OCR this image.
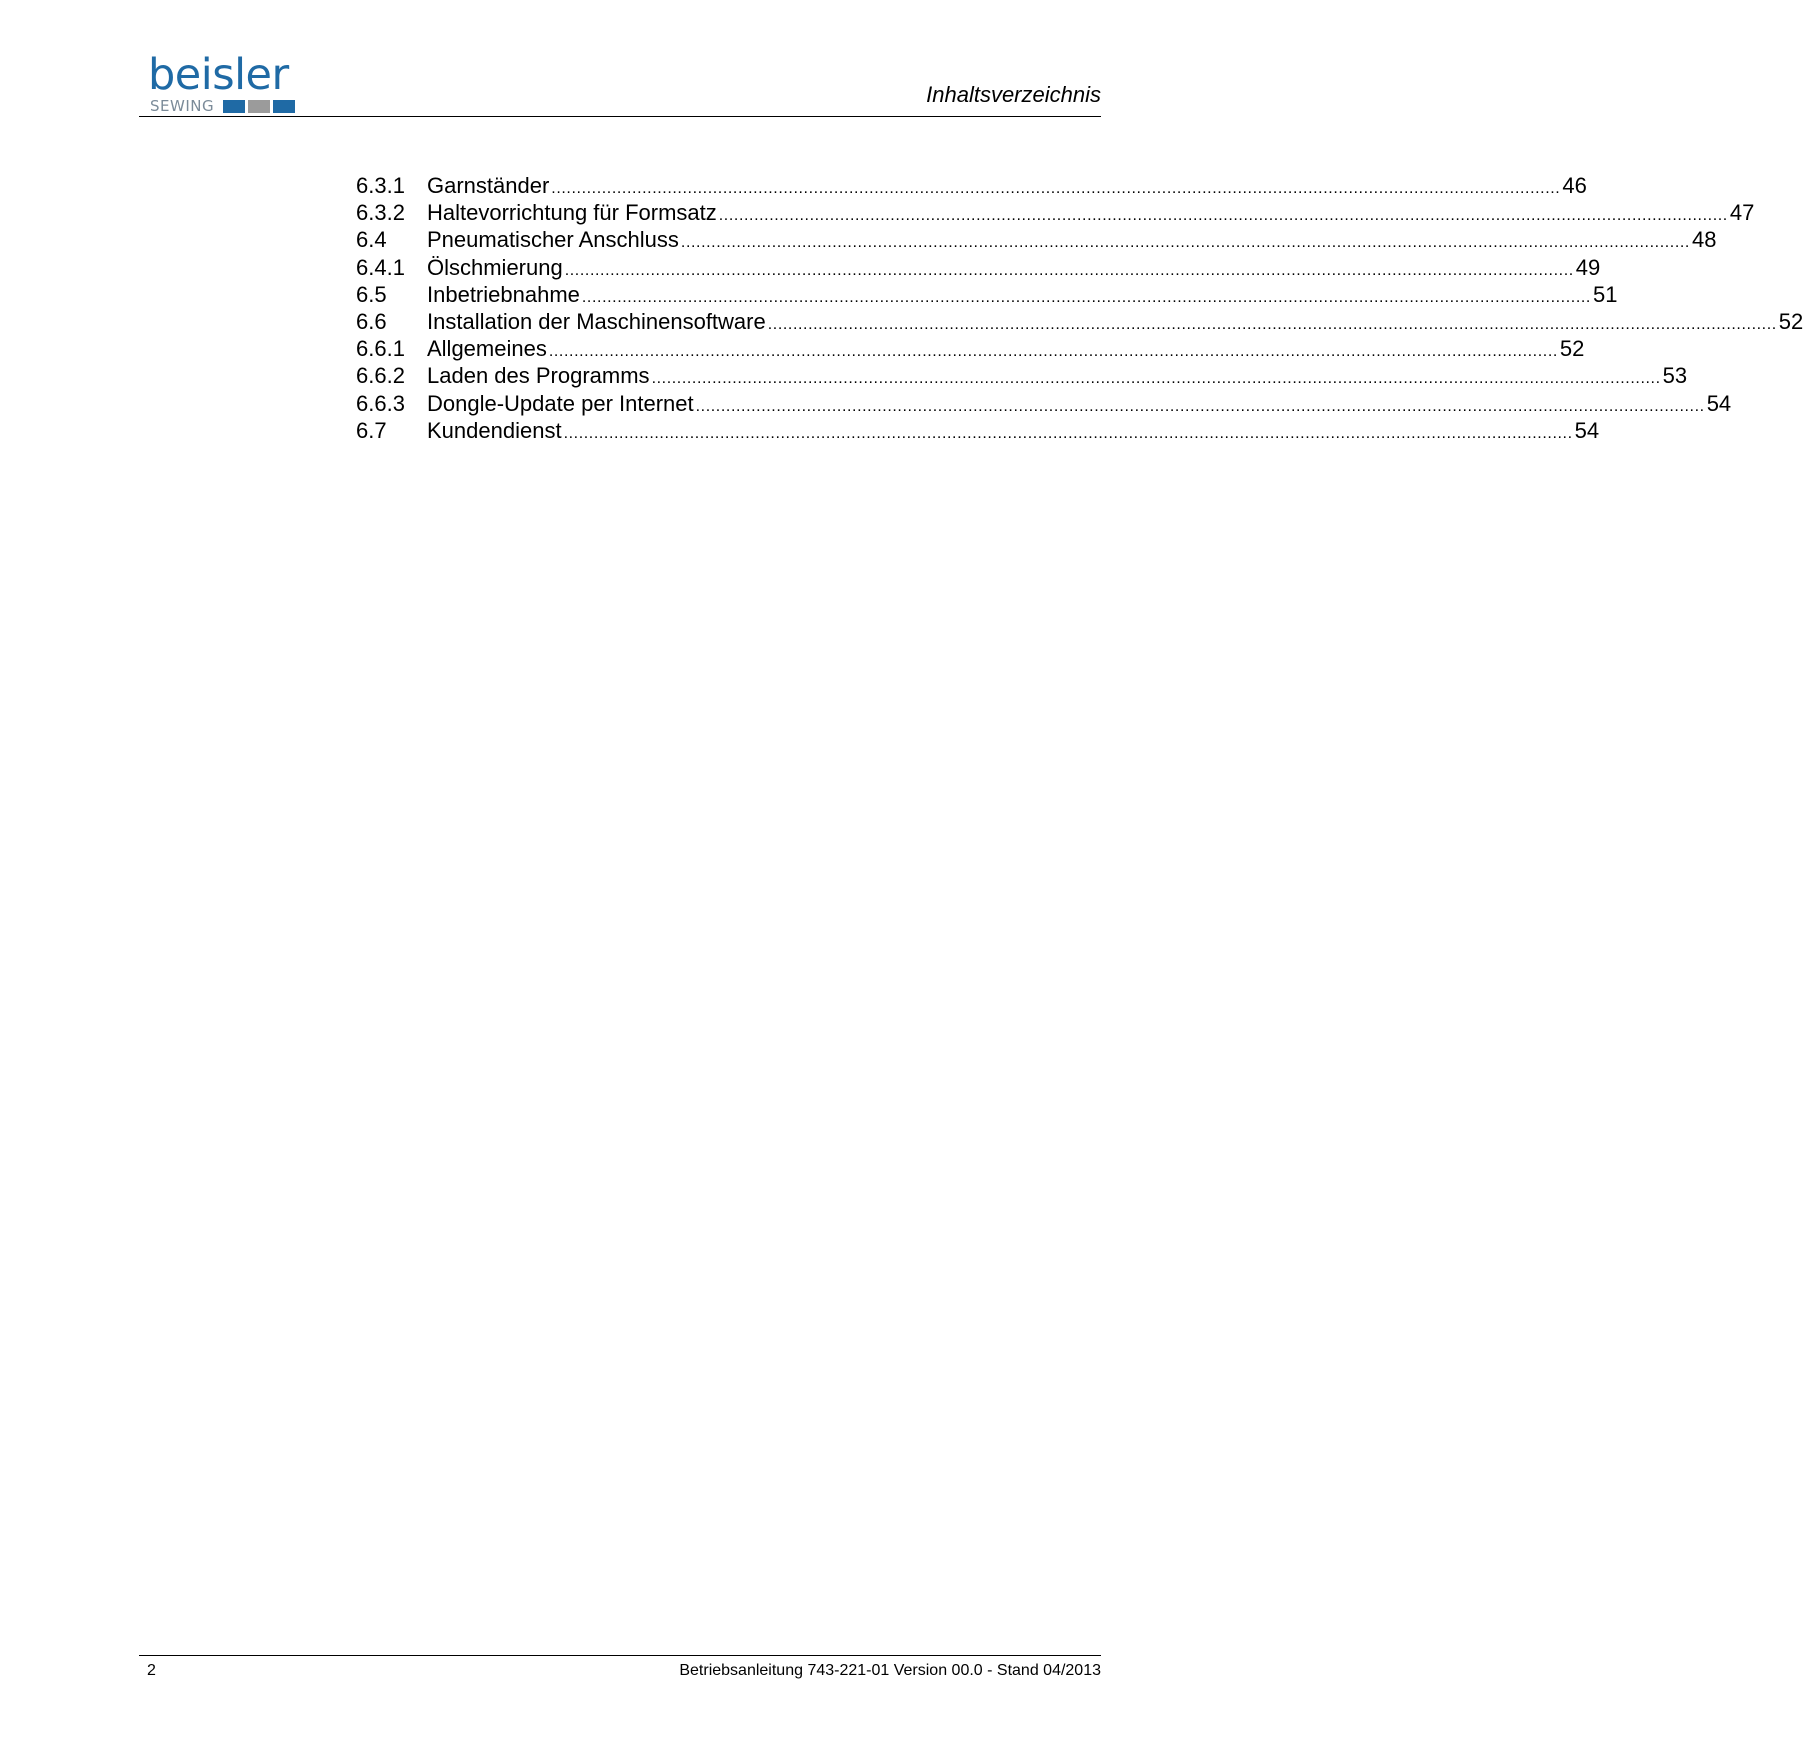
beisler
SEWING	Inhaltsverzeichnis
6.3.1	Garnständer ........................................................................................................................................................................................................ 46
6.3.2	Haltevorrichtung für Formsatz ........................................................................................................................................................................................................ 47
6.4	Pneumatischer Anschluss ........................................................................................................................................................................................................ 48
6.4.1	Ölschmierung ........................................................................................................................................................................................................ 49
6.5	Inbetriebnahme ........................................................................................................................................................................................................ 51
6.6	Installation der Maschinensoftware ........................................................................................................................................................................................................ 52
6.6.1	Allgemeines ........................................................................................................................................................................................................ 52
6.6.2	Laden des Programms ........................................................................................................................................................................................................ 53
6.6.3	Dongle-Update per Internet ........................................................................................................................................................................................................ 54
6.7	Kundendienst ........................................................................................................................................................................................................ 54
2	Betriebsanleitung 743-221-01 Version 00.0 - Stand 04/2013
